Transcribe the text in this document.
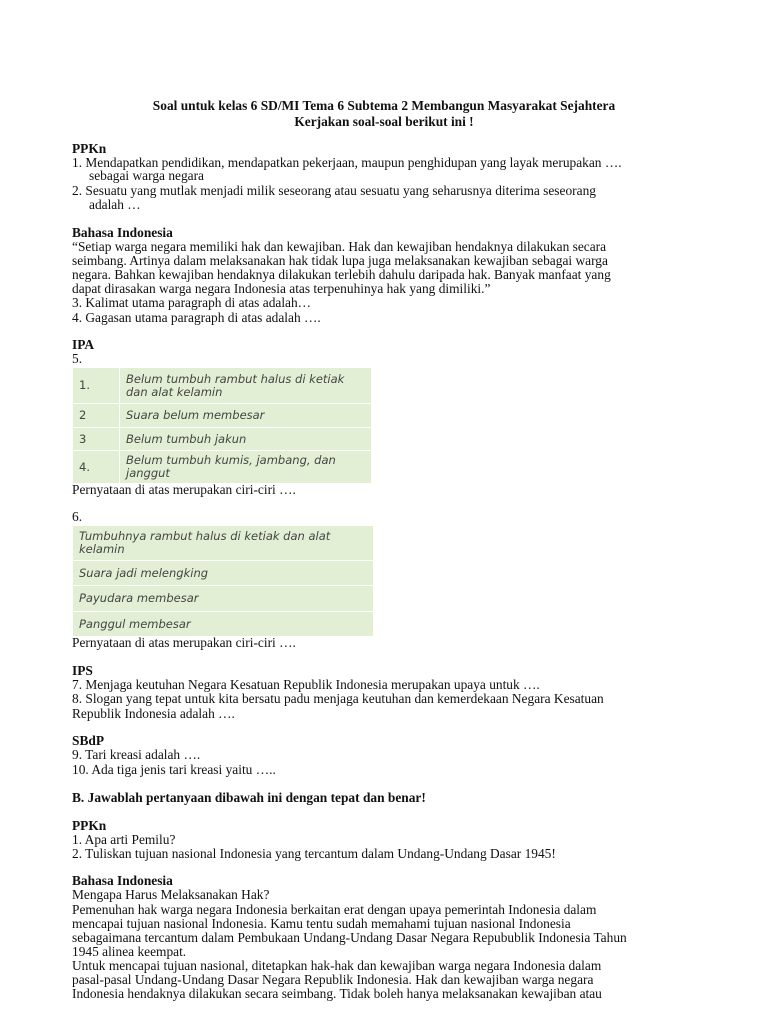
Soal untuk kelas 6 SD/MI Tema 6 Subtema 2 Membangun Masyarakat Sejahtera
Kerjakan soal-soal berikut ini !
PPKn
1. Mendapatkan pendidikan, mendapatkan pekerjaan, maupun penghidupan yang layak merupakan ….
sebagai warga negara
2. Sesuatu yang mutlak menjadi milik seseorang atau sesuatu yang seharusnya diterima seseorang
adalah …
Bahasa Indonesia
“Setiap warga negara memiliki hak dan kewajiban. Hak dan kewajiban hendaknya dilakukan secara
seimbang. Artinya dalam melaksanakan hak tidak lupa juga melaksanakan kewajiban sebagai warga
negara. Bahkan kewajiban hendaknya dilakukan terlebih dahulu daripada hak. Banyak manfaat yang
dapat dirasakan warga negara Indonesia atas terpenuhinya hak yang dimiliki.”
3. Kalimat utama paragraph di atas adalah…
4. Gagasan utama paragraph di atas adalah ….
IPA
5.
1.	Belum tumbuh rambut halus di ketiak
dan alat kelamin
2	Suara belum membesar
3	Belum tumbuh jakun
4.	Belum tumbuh kumis, jambang, dan
janggut
Pernyataan di atas merupakan ciri-ciri ….
6.
Tumbuhnya rambut halus di ketiak dan alat
kelamin
Suara jadi melengking
Payudara membesar
Panggul membesar
Pernyataan di atas merupakan ciri-ciri ….
IPS
7. Menjaga keutuhan Negara Kesatuan Republik Indonesia merupakan upaya untuk ….
8. Slogan yang tepat untuk kita bersatu padu menjaga keutuhan dan kemerdekaan Negara Kesatuan
Republik Indonesia adalah ….
SBdP
9. Tari kreasi adalah ….
10. Ada tiga jenis tari kreasi yaitu …..
B. Jawablah pertanyaan dibawah ini dengan tepat dan benar!
PPKn
1. Apa arti Pemilu?
2. Tuliskan tujuan nasional Indonesia yang tercantum dalam Undang-Undang Dasar 1945!
Bahasa Indonesia
Mengapa Harus Melaksanakan Hak?
Pemenuhan hak warga negara Indonesia berkaitan erat dengan upaya pemerintah Indonesia dalam
mencapai tujuan nasional Indonesia. Kamu tentu sudah memahami tujuan nasional Indonesia
sebagaimana tercantum dalam Pembukaan Undang-Undang Dasar Negara Repubublik Indonesia Tahun
1945 alinea keempat.
Untuk mencapai tujuan nasional, ditetapkan hak-hak dan kewajiban warga negara Indonesia dalam
pasal-pasal Undang-Undang Dasar Negara Republik Indonesia. Hak dan kewajiban warga negara
Indonesia hendaknya dilakukan secara seimbang. Tidak boleh hanya melaksanakan kewajiban atau
